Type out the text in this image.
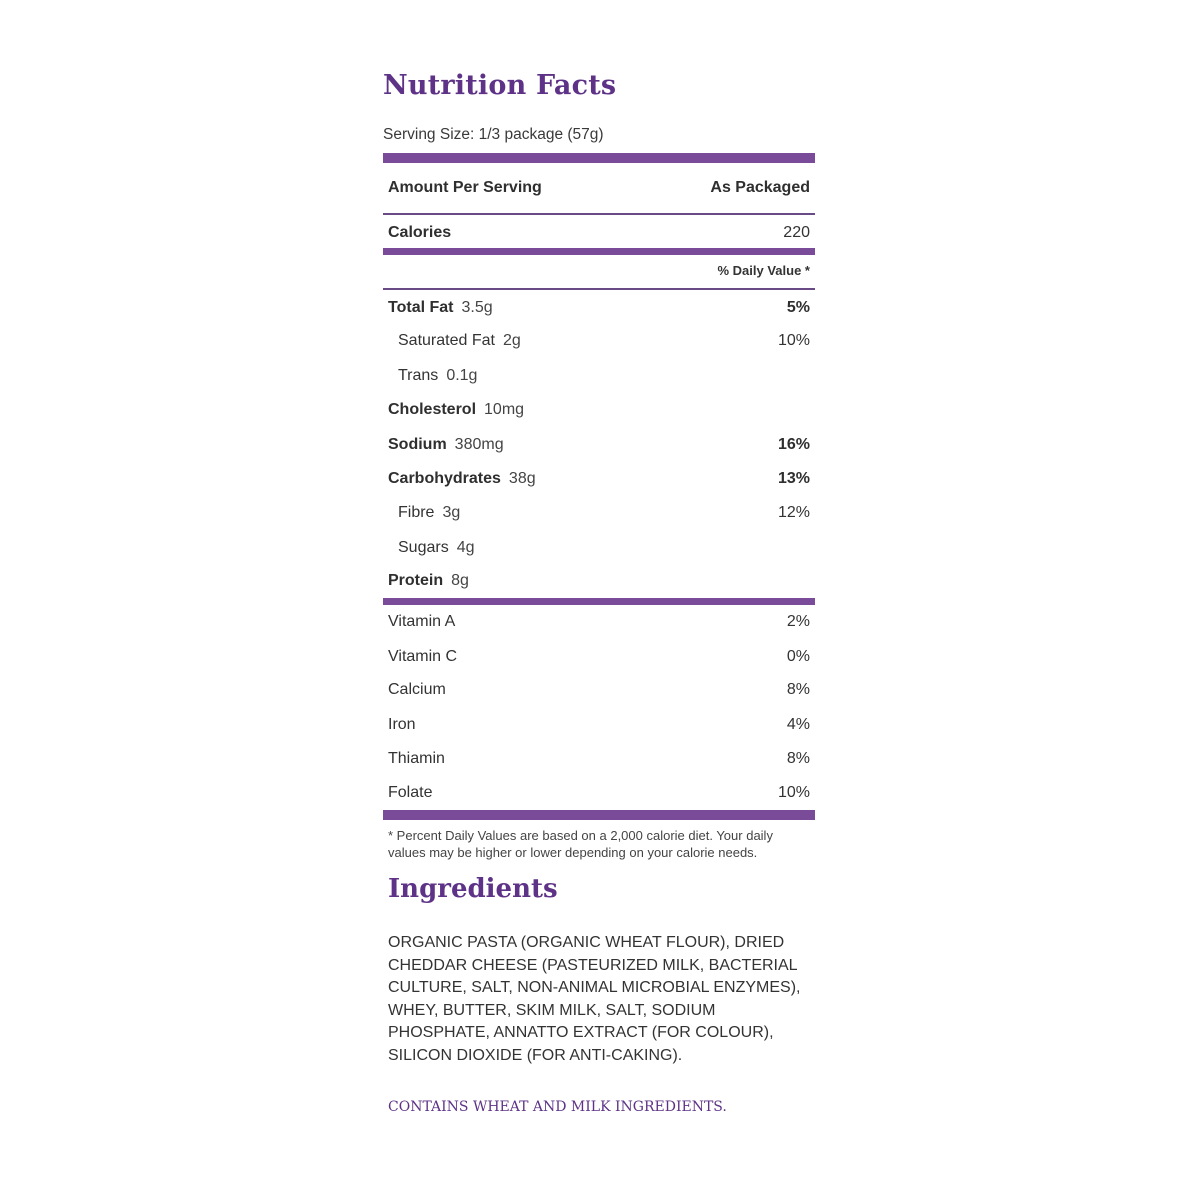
Nutrition Facts
Serving Size: 1/3 package (57g)
Amount Per Serving	As Packaged
Calories	220
% Daily Value *
Total Fat 3.5g	5%
Saturated Fat 2g	10%
Trans 0.1g
Cholesterol 10mg
Sodium 380mg	16%
Carbohydrates 38g	13%
Fibre 3g	12%
Sugars 4g
Protein 8g
Vitamin A	2%
Vitamin C	0%
Calcium	8%
Iron	4%
Thiamin	8%
Folate	10%
* Percent Daily Values are based on a 2,000 calorie diet. Your daily values may be higher or lower depending on your calorie needs.
Ingredients
ORGANIC PASTA (ORGANIC WHEAT FLOUR), DRIED CHEDDAR CHEESE (PASTEURIZED MILK, BACTERIAL CULTURE, SALT, NON-ANIMAL MICROBIAL ENZYMES), WHEY, BUTTER, SKIM MILK, SALT, SODIUM PHOSPHATE, ANNATTO EXTRACT (FOR COLOUR), SILICON DIOXIDE (FOR ANTI-CAKING).
CONTAINS WHEAT AND MILK INGREDIENTS.
